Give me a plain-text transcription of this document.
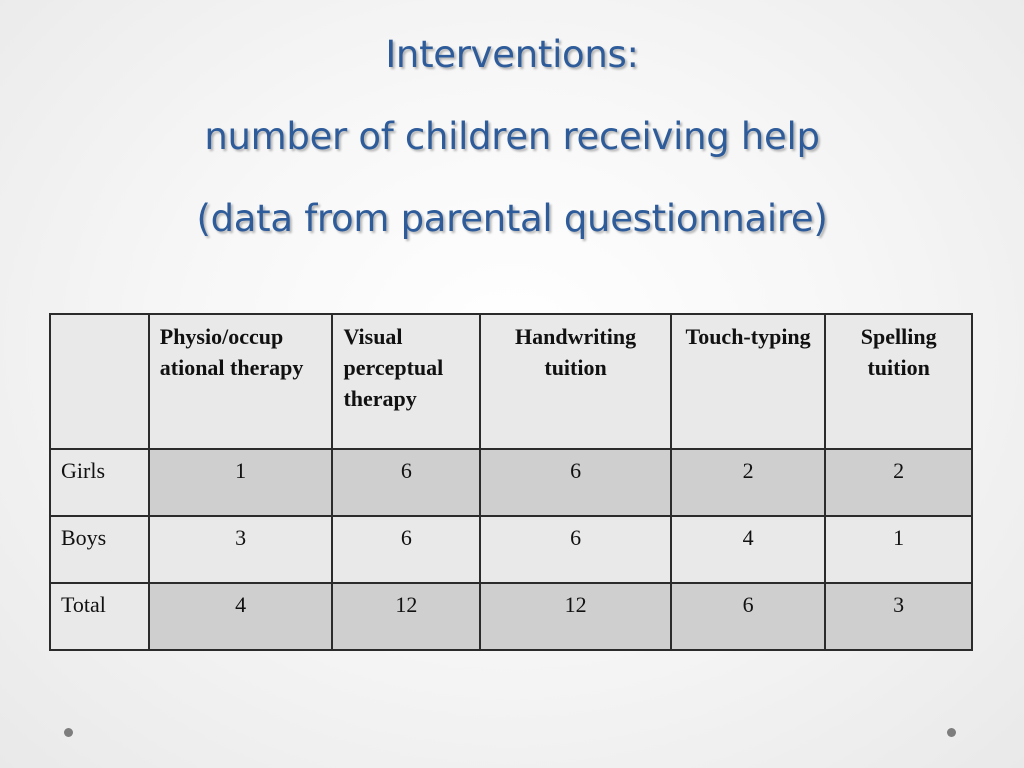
Interventions:
number of children receiving help
(data from parental questionnaire)
	Physio/occup ational therapy	Visual perceptual therapy	Handwriting tuition	Touch-typing	Spelling tuition
Girls	1	6	6	2	2
Boys	3	6	6	4	1
Total	4	12	12	6	3
